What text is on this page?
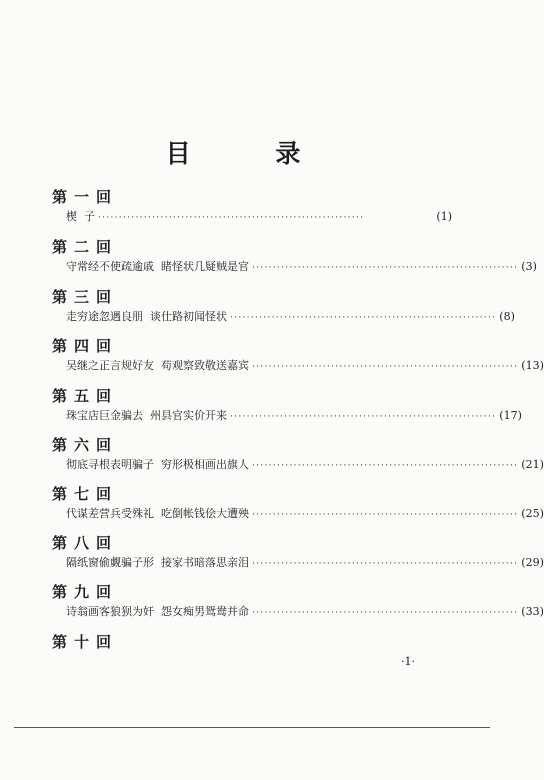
目 录
第一回
楔  子 ································································	(1)
第二回
守常经不使疏逾戚  睹怪状几疑贼是官 ································································ (3)
第三回
走穷途忽遇良朋  谈仕路初闻怪状 ································································ (8)
第四回
吴继之正言规好友  苟观察致敬送嘉宾 ································································ (13)
第五回
珠宝店巨金骗去  州县官实价开来 ································································ (17)
第六回
彻底寻根表明骗子  穷形极相画出旗人 ································································ (21)
第七回
代谋差营兵受殊礼  吃倒帐钱侩大遭殃 ································································ (25)
第八回
隔纸窗偷觑骗子形  接家书暗落思亲泪 ································································ (29)
第九回
诗翁画客狼狈为奸  怨女痴男鸳鸯并命 ································································ (33)
第十回
·1·
